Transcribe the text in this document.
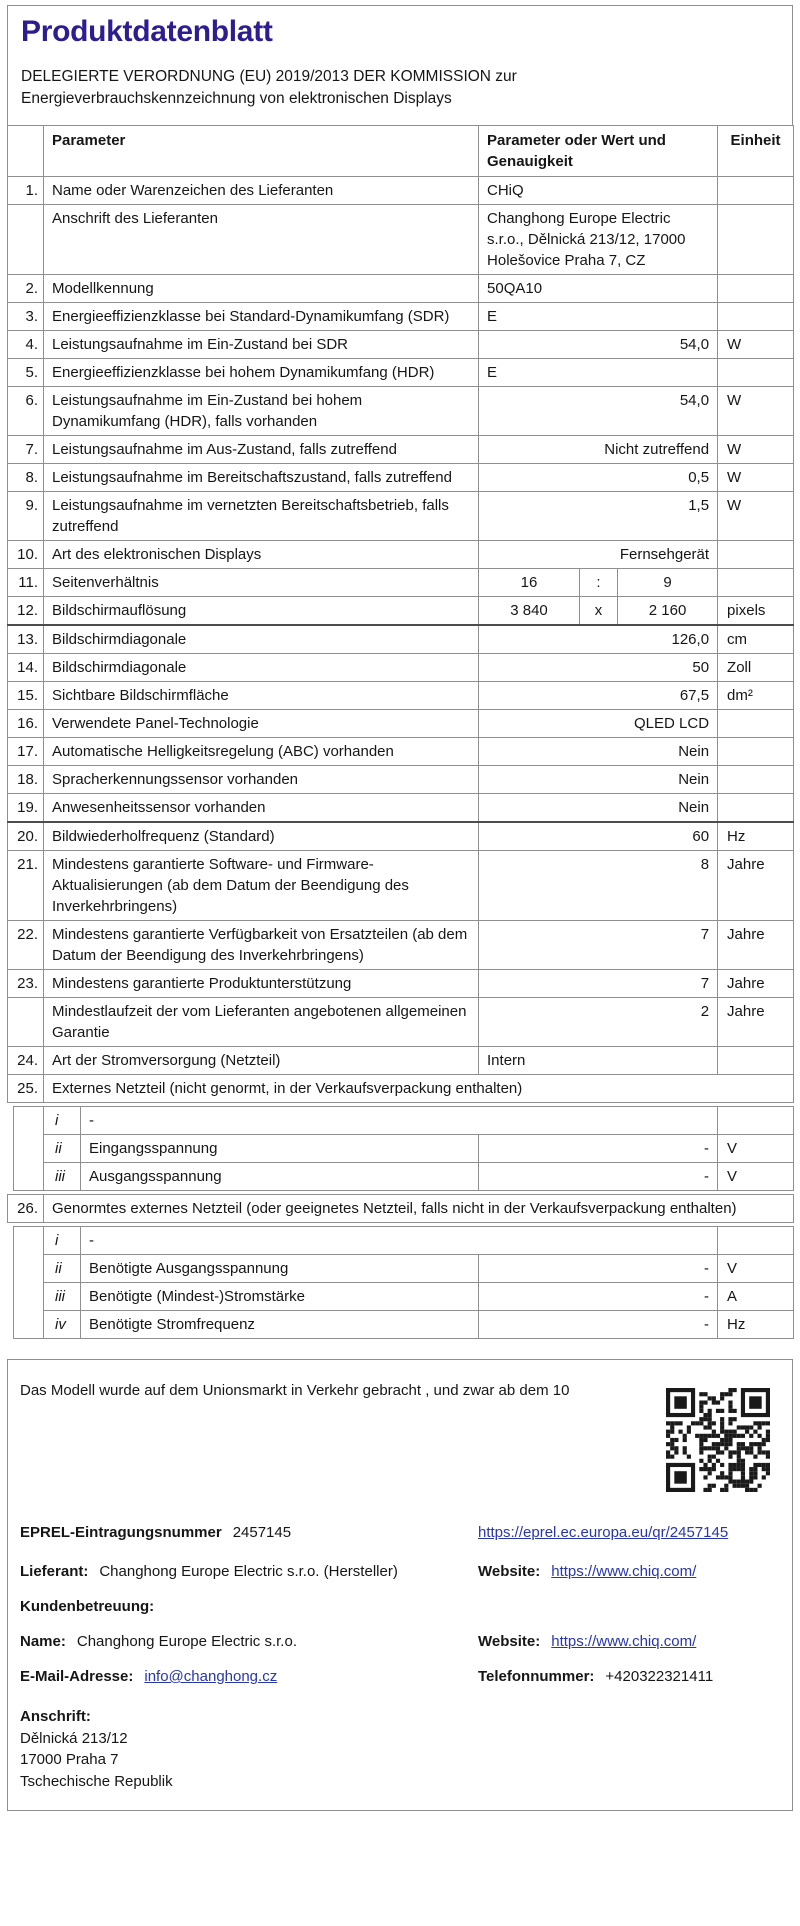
Produktdatenblatt

DELEGIERTE VERORDNUNG (EU) 2019/2013 DER KOMMISSION zur
Energieverbrauchskennzeichnung von elektronischen Displays

	Parameter	Parameter oder Wert und Genauigkeit			Einheit
1.	Name oder Warenzeichen des Lieferanten	CHiQ			
	Anschrift des Lieferanten	Changhong Europe Electric s.r.o., Dělnická 213/12, 17000 Holešovice Praha 7, CZ			
2.	Modellkennung	50QA10			
3.	Energieeffizienzklasse bei Standard-Dynamikumfang (SDR)	E			
4.	Leistungsaufnahme im Ein-Zustand bei SDR	54,0			W
5.	Energieeffizienzklasse bei hohem Dynamikumfang (HDR)	E			
6.	Leistungsaufnahme im Ein-Zustand bei hohem Dynamikumfang (HDR), falls vorhanden	54,0			W
7.	Leistungsaufnahme im Aus-Zustand, falls zutreffend	Nicht zutreffend			W
8.	Leistungsaufnahme im Bereitschaftszustand, falls zutreffend	0,5			W
9.	Leistungsaufnahme im vernetzten Bereitschaftsbetrieb, falls zutreffend	1,5			W
10.	Art des elektronischen Displays	Fernsehgerät			
11.	Seitenverhältnis	16	:	9	
12.	Bildschirmauflösung	3 840	x	2 160	pixels
13.	Bildschirmdiagonale	126,0			cm
14.	Bildschirmdiagonale	50			Zoll
15.	Sichtbare Bildschirmfläche	67,5			dm²
16.	Verwendete Panel-Technologie	QLED LCD			
17.	Automatische Helligkeitsregelung (ABC) vorhanden	Nein			
18.	Spracherkennungssensor vorhanden	Nein			
19.	Anwesenheitssensor vorhanden	Nein			
20.	Bildwiederholfrequenz (Standard)	60			Hz
21.	Mindestens garantierte Software- und Firmware-Aktualisierungen (ab dem Datum der Beendigung des Inverkehrbringens)	8			Jahre
22.	Mindestens garantierte Verfügbarkeit von Ersatzteilen (ab dem Datum der Beendigung des Inverkehrbringens)	7			Jahre
23.	Mindestens garantierte Produktunterstützung	7			Jahre
	Mindestlaufzeit der vom Lieferanten angebotenen allgemeinen Garantie	2			Jahre
24.	Art der Stromversorgung (Netzteil)	Intern			
25.	Externes Netzteil (nicht genormt, in der Verkaufsverpackung enthalten)				
	i	-		
	ii	Eingangsspannung	-	V
	iii	Ausgangsspannung	-	V
26.	Genormtes externes Netzteil (oder geeignetes Netzteil, falls nicht in der Verkaufsverpackung enthalten)
	i	-		
	ii	Benötigte Ausgangsspannung	-	V
	iii	Benötigte (Mindest-)Stromstärke	-	A
	iv	Benötigte Stromfrequenz	-	Hz

Das Modell wurde auf dem Unionsmarkt in Verkehr gebracht , und zwar ab dem 10

EPREL-Eintragungsnummer 2457145	https://eprel.ec.europa.eu/qr/2457145
Lieferant: Changhong Europe Electric s.r.o. (Hersteller)	Website: https://www.chiq.com/
Kundenbetreuung:
Name: Changhong Europe Electric s.r.o.	Website: https://www.chiq.com/
E-Mail-Adresse: info@changhong.cz	Telefonnummer: +420322321411
Anschrift:
Dělnická 213/12
17000 Praha 7
Tschechische Republik
